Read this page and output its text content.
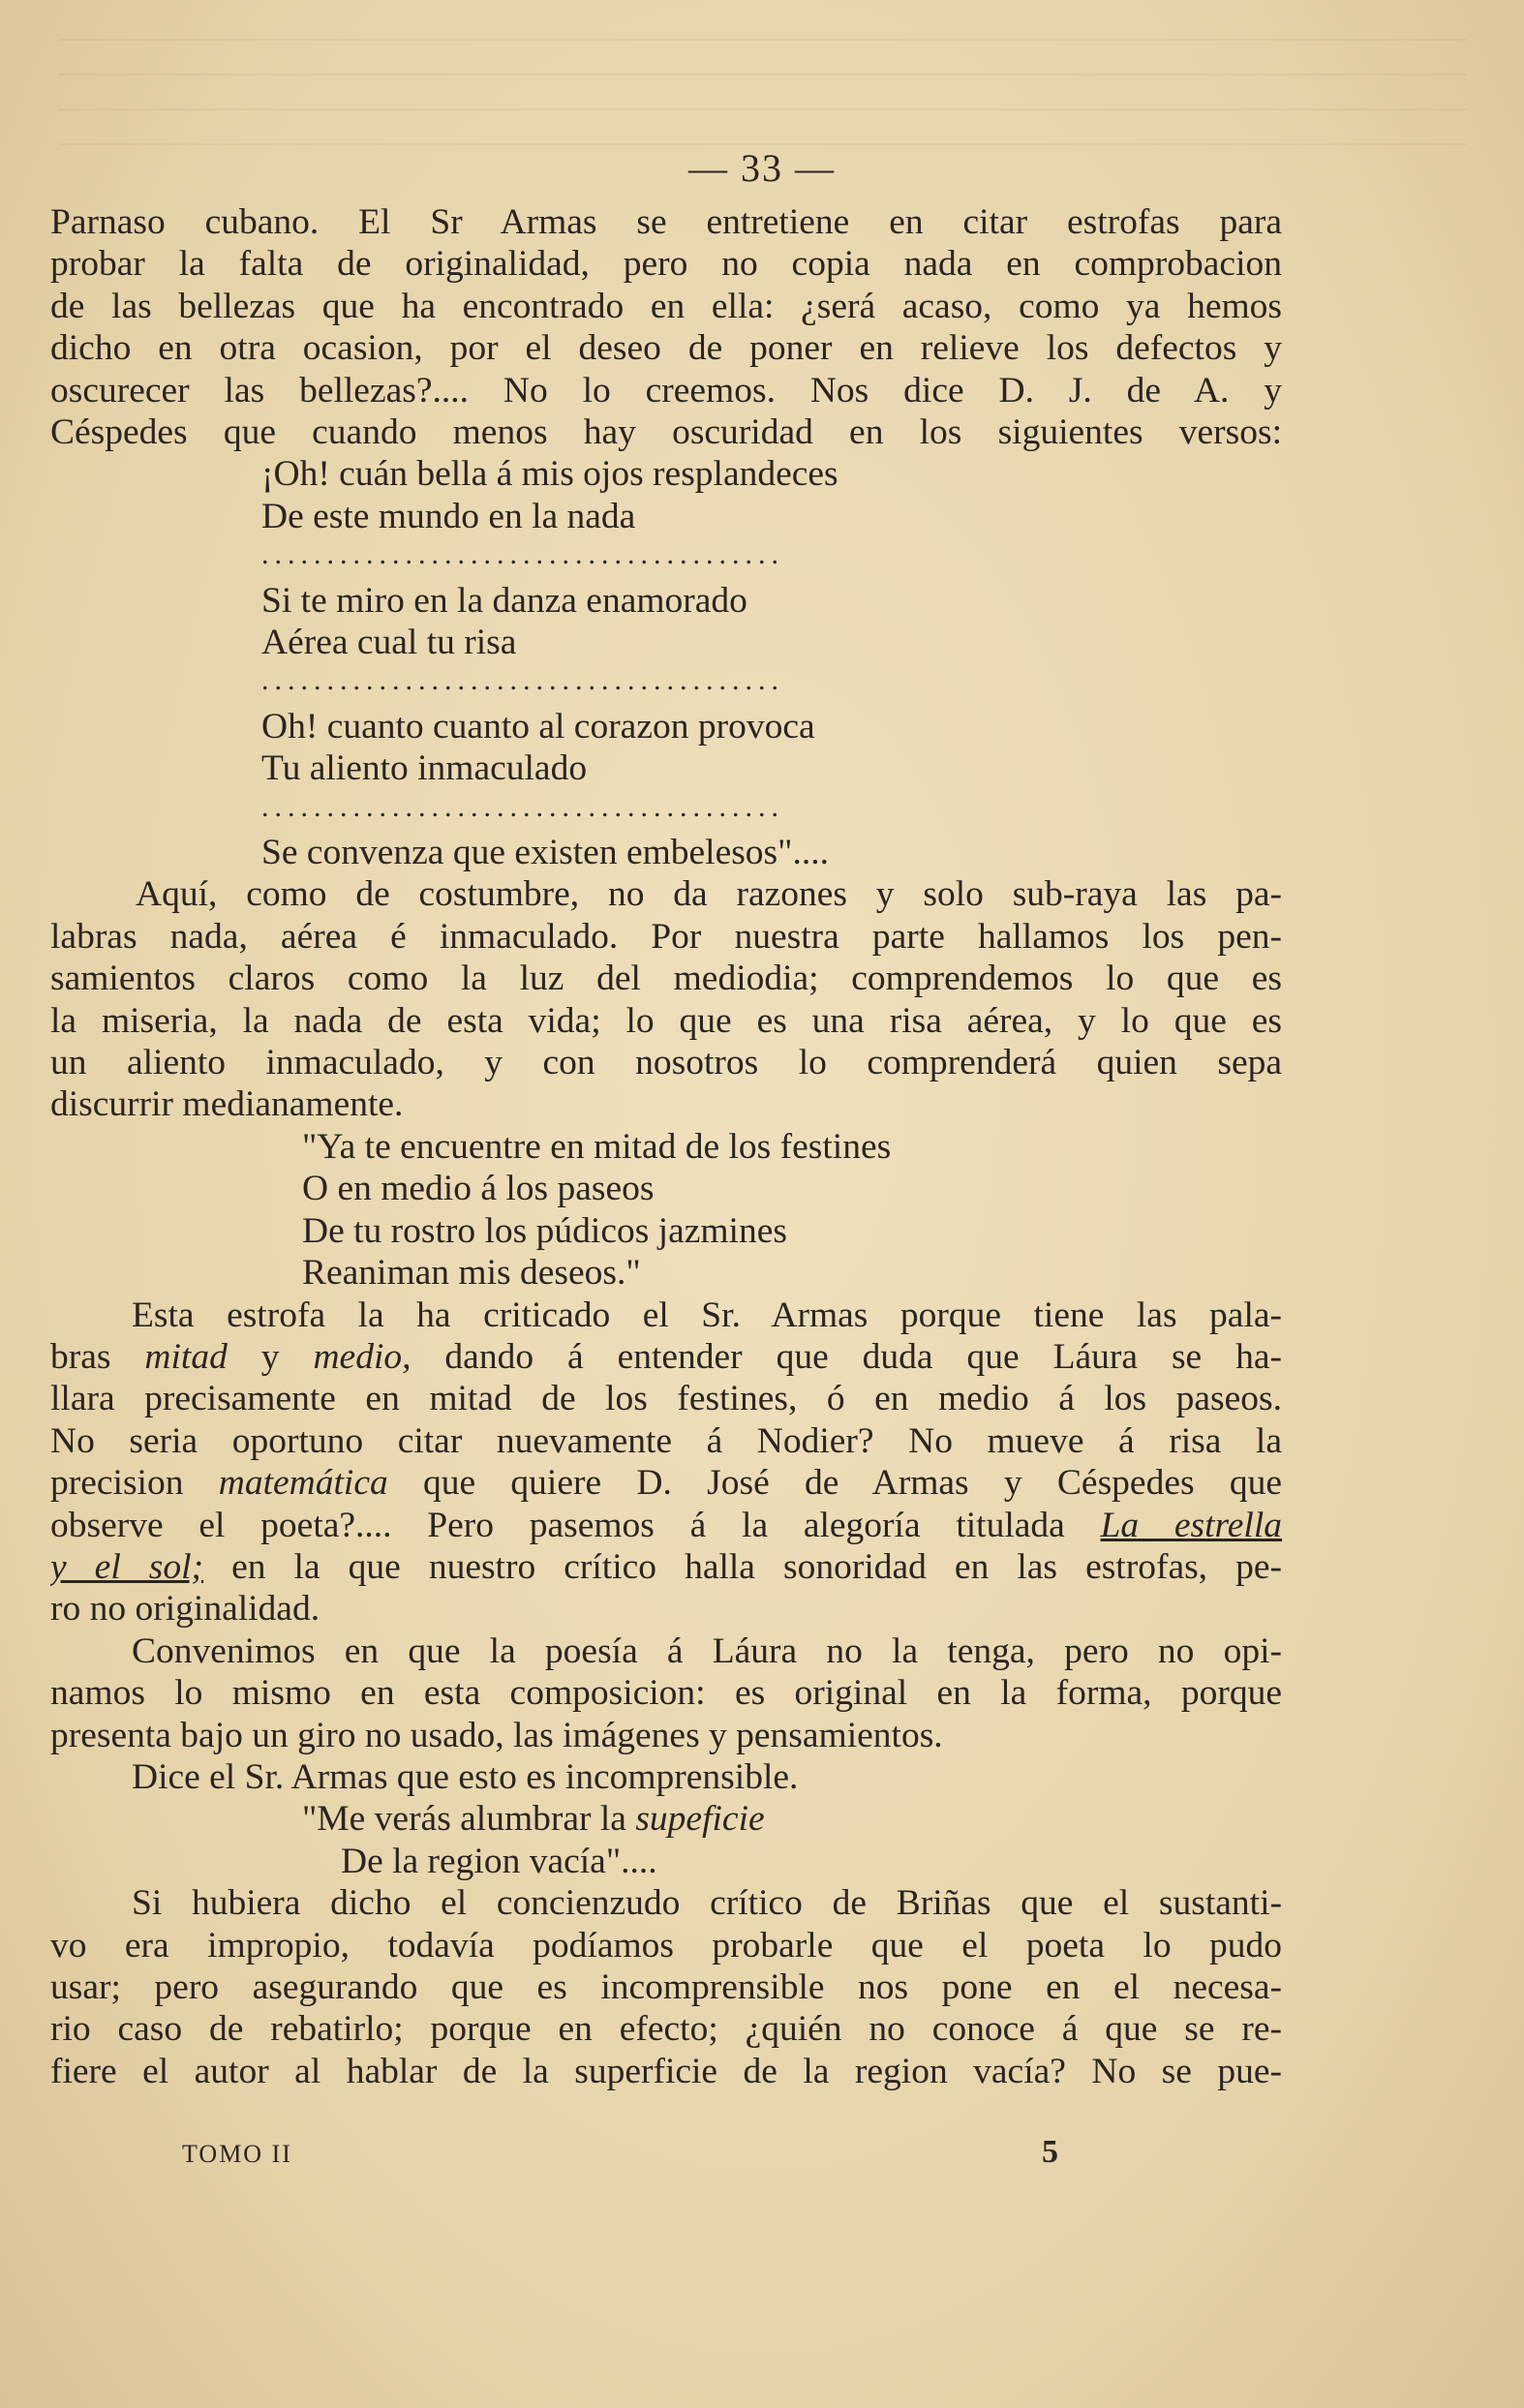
— 33 —
Parnaso cubano. El Sr Armas se entretiene en citar estrofas para
probar la falta de originalidad, pero no copia nada en comprobacion
de las bellezas que ha encontrado en ella: ¿será acaso, como ya hemos
dicho en otra ocasion, por el deseo de poner en relieve los defectos y
oscurecer las bellezas?.... No lo creemos. Nos dice D. J. de A. y
Céspedes que cuando menos hay oscuridad en los siguientes versos:
¡Oh! cuán bella á mis ojos resplandeces
De este mundo en la nada
........................................
Si te miro en la danza enamorado
Aérea cual tu risa
........................................
Oh! cuanto cuanto al corazon provoca
Tu aliento inmaculado
........................................
Se convenza que existen embelesos"....
Aquí, como de costumbre, no da razones y solo sub-raya las pa-
labras nada, aérea é inmaculado. Por nuestra parte hallamos los pen-
samientos claros como la luz del mediodia; comprendemos lo que es
la miseria, la nada de esta vida; lo que es una risa aérea, y lo que es
un aliento inmaculado, y con nosotros lo comprenderá quien sepa
discurrir medianamente.
"Ya te encuentre en mitad de los festines
O en medio á los paseos
De tu rostro los púdicos jazmines
Reaniman mis deseos."
Esta estrofa la ha criticado el Sr. Armas porque tiene las pala-
bras mitad y medio, dando á entender que duda que Láura se ha-
llara precisamente en mitad de los festines, ó en medio á los paseos.
No seria oportuno citar nuevamente á Nodier? No mueve á risa la
precision matemática que quiere D. José de Armas y Céspedes que
observe el poeta?.... Pero pasemos á la alegoría titulada La estrella
y el sol; en la que nuestro crítico halla sonoridad en las estrofas, pe-
ro no originalidad.
Convenimos en que la poesía á Láura no la tenga, pero no opi-
namos lo mismo en esta composicion: es original en la forma, porque
presenta bajo un giro no usado, las imágenes y pensamientos.
Dice el Sr. Armas que esto es incomprensible.
"Me verás alumbrar la supeficie
De la region vacía"....
Si hubiera dicho el concienzudo crítico de Briñas que el sustanti-
vo era impropio, todavía podíamos probarle que el poeta lo pudo
usar; pero asegurando que es incomprensible nos pone en el necesa-
rio caso de rebatirlo; porque en efecto; ¿quién no conoce á que se re-
fiere el autor al hablar de la superficie de la region vacía? No se pue-
TOMO II	5
